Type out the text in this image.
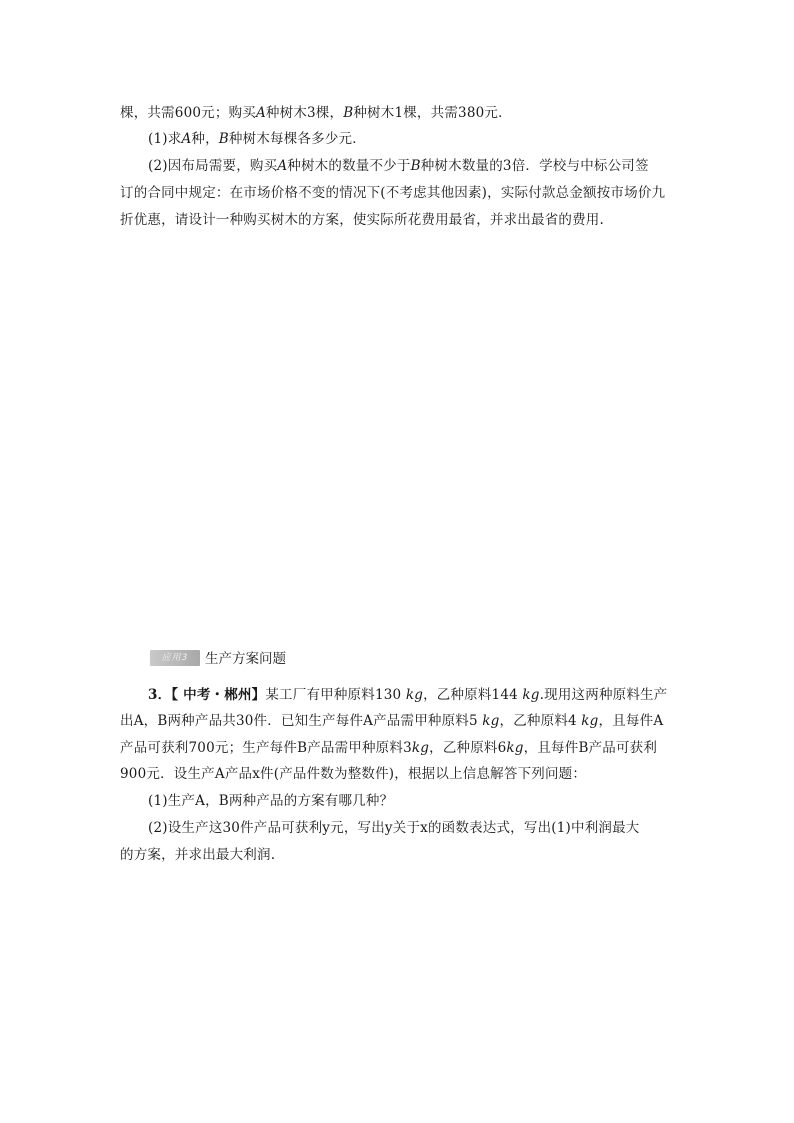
棵，共需600元；购买A种树木3棵，B种树木1棵，共需380元．
(1)求A种，B种树木每棵各多少元．
(2)因布局需要，购买A种树木的数量不少于B种树木数量的3倍．学校与中标公司签
订的合同中规定：在市场价格不变的情况下(不考虑其他因素)，实际付款总金额按市场价九
折优惠，请设计一种购买树木的方案，使实际所花费用最省，并求出最省的费用.
应用3	生产方案问题
3．【 中考・郴州】某工厂有甲种原料130 kg，乙种原料144 kg.现用这两种原料生产
出A，B两种产品共30件．已知生产每件A产品需甲种原料5 kg，乙种原料4 kg，且每件A
产品可获利700元；生产每件B产品需甲种原料3kg，乙种原料6kg，且每件B产品可获利
900元．设生产A产品x件(产品件数为整数件)，根据以上信息解答下列问题：
(1)生产A，B两种产品的方案有哪几种？
(2)设生产这30件产品可获利y元，写出y关于x的函数表达式，写出(1)中利润最大
的方案，并求出最大利润.
